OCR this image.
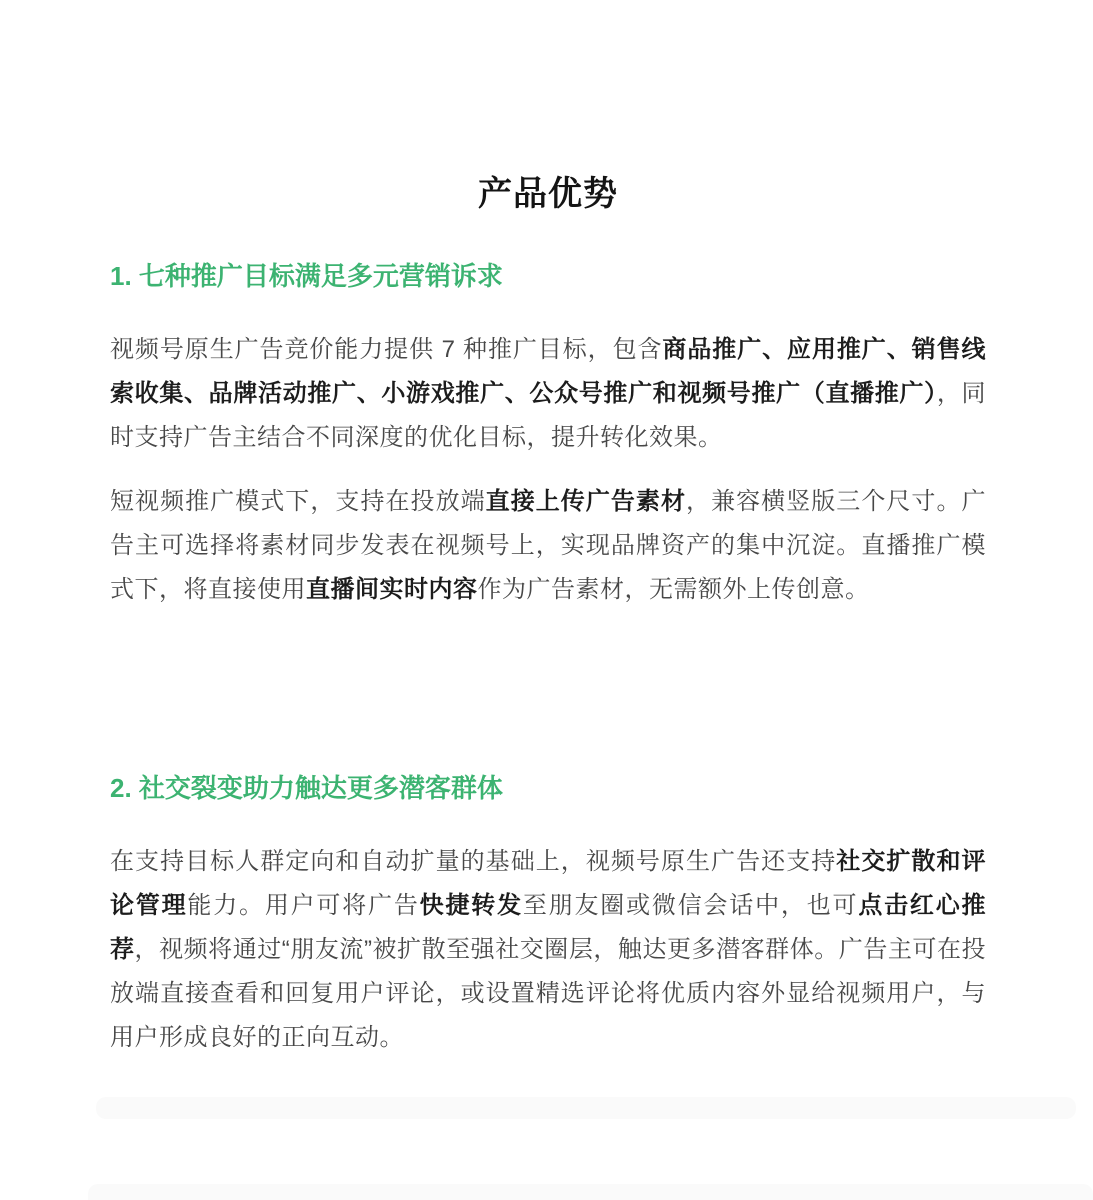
产品优势
1. 七种推广目标满足多元营销诉求

视频号原生广告竞价能力提供 7 种推广目标，包含商品推广、应用推广、销售线索收集、品牌活动推广、小游戏推广、公众号推广和视频号推广（直播推广），同时支持广告主结合不同深度的优化目标，提升转化效果。

短视频推广模式下，支持在投放端直接上传广告素材，兼容横竖版三个尺寸。广告主可选择将素材同步发表在视频号上，实现品牌资产的集中沉淀。直播推广模式下，将直接使用直播间实时内容作为广告素材，无需额外上传创意。

2. 社交裂变助力触达更多潜客群体

在支持目标人群定向和自动扩量的基础上，视频号原生广告还支持社交扩散和评论管理能力。用户可将广告快捷转发至朋友圈或微信会话中，也可点击红心推荐，视频将通过“朋友流”被扩散至强社交圈层，触达更多潜客群体。广告主可在投放端直接查看和回复用户评论，或设置精选评论将优质内容外显给视频用户，与用户形成良好的正向互动。
